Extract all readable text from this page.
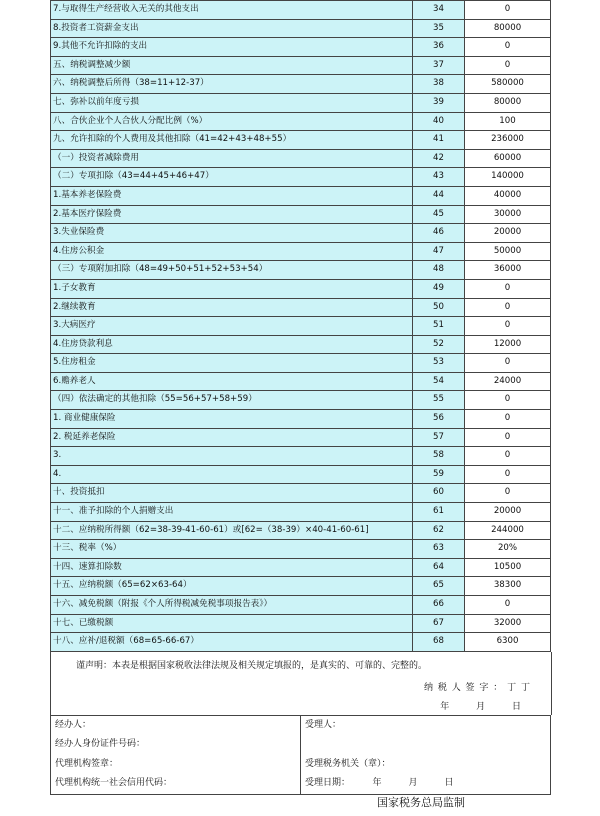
7.与取得生产经营收入无关的其他支出	34	0
8.投资者工资薪金支出	35	80000
9.其他不允许扣除的支出	36	0
五、纳税调整减少额	37	0
六、纳税调整后所得（38=11+12-37）	38	580000
七、弥补以前年度亏损	39	80000
八、合伙企业个人合伙人分配比例（%）	40	100
九、允许扣除的个人费用及其他扣除（41=42+43+48+55）	41	236000
（一）投资者减除费用	42	60000
（二）专项扣除（43=44+45+46+47）	43	140000
1.基本养老保险费	44	40000
2.基本医疗保险费	45	30000
3.失业保险费	46	20000
4.住房公积金	47	50000
（三）专项附加扣除（48=49+50+51+52+53+54）	48	36000
1.子女教育	49	0
2.继续教育	50	0
3.大病医疗	51	0
4.住房贷款利息	52	12000
5.住房租金	53	0
6.赡养老人	54	24000
（四）依法确定的其他扣除（55=56+57+58+59）	55	0
1. 商业健康保险	56	0
2. 税延养老保险	57	0
3.	58	0
4.	59	0
十、投资抵扣	60	0
十一、准予扣除的个人捐赠支出	61	20000
十二、应纳税所得额（62=38-39-41-60-61）或[62=（38-39）×40-41-60-61]	62	244000
十三、税率（%）	63	20%
十四、速算扣除数	64	10500
十五、应纳税额（65=62×63-64）	65	38300
十六、减免税额（附报《个人所得税减免税事项报告表》）	66	0
十七、已缴税额	67	32000
十八、应补/退税额（68=65-66-67）	68	6300
谨声明：本表是根据国家税收法律法规及相关规定填报的，是真实的、可靠的、完整的。
纳 税 人 签 字 ： 丁 丁
年 月 日
经办人：
经办人身份证件号码：
代理机构签章：
代理机构统一社会信用代码：

受理人：
受理税务机关（章）：
受理日期：　　　年　　　月　　　日
国家税务总局监制
